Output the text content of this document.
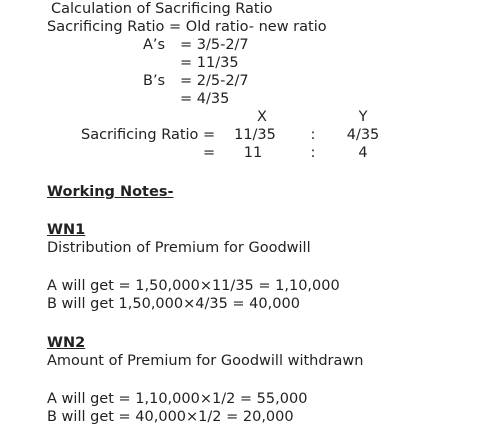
Calculation of Sacrificing Ratio
Sacrificing Ratio = Old ratio- new ratio
A’s = 3/5-2/7
= 11/35
B’s = 2/5-2/7
= 4/35
X	Y
Sacrificing Ratio = 11/35	:	4/35
=	11	:	4
Working Notes-
WN1
Distribution of Premium for Goodwill
A will get = 1,50,000×11/35 = 1,10,000
B will get 1,50,000×4/35 = 40,000
WN2
Amount of Premium for Goodwill withdrawn
A will get = 1,10,000×1/2 = 55,000
B will get = 40,000×1/2 = 20,000
